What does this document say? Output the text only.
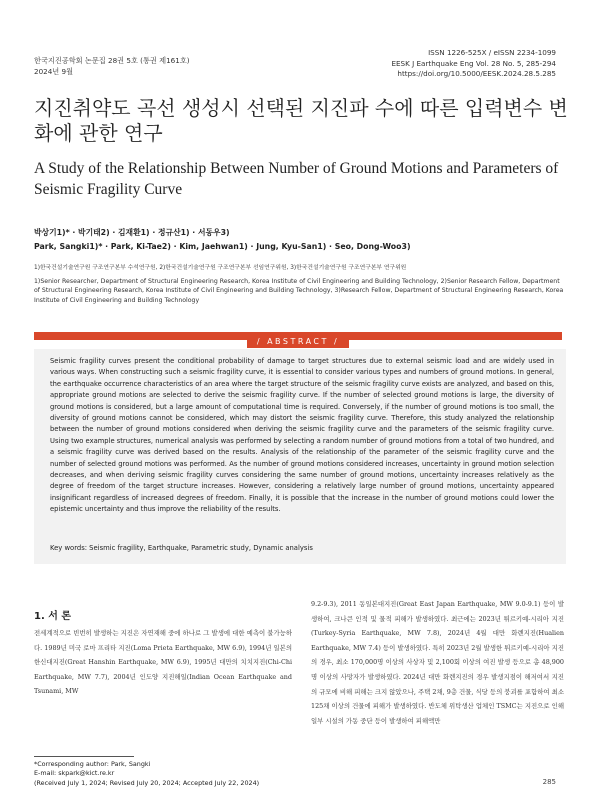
한국지진공학회 논문집 28권 5호 (통권 제161호)
2024년 9월
ISSN 1226-525X / eISSN 2234-1099
EESK J Earthquake Eng Vol. 28 No. 5, 285-294
https://doi.org/10.5000/EESK.2024.28.5.285
지진취약도 곡선 생성시 선택된 지진파 수에 따른 입력변수 변화에 관한 연구
A Study of the Relationship Between Number of Ground Motions and Parameters of Seismic Fragility Curve
박상기1)* · 박기태2) · 김재환1) · 정규산1) · 서동우3)
Park, Sangki1)* · Park, Ki-Tae2) · Kim, Jaehwan1) · Jung, Kyu-San1) · Seo, Dong-Woo3)
1)한국건설기술연구원 구조연구본부 수석연구원, 2)한국건설기술연구원 구조연구본부 선임연구위원, 3)한국건설기술연구원 구조연구본부 연구위원
1)Senior Researcher, Department of Structural Engineering Research, Korea Institute of Civil Engineering and Building Technology, 2)Senior Research Fellow, Department of Structural Engineering Research, Korea Institute of Civil Engineering and Building Technology, 3)Research Fellow, Department of Structural Engineering Research, Korea Institute of Civil Engineering and Building Technology
/ ABSTRACT /

Seismic fragility curves present the conditional probability of damage to target structures due to external seismic load and are widely used in various ways. When constructing such a seismic fragility curve, it is essential to consider various types and numbers of ground motions. In general, the earthquake occurrence characteristics of an area where the target structure of the seismic fragility curve exists are analyzed, and based on this, appropriate ground motions are selected to derive the seismic fragility curve. If the number of selected ground motions is large, the diversity of ground motions is considered, but a large amount of computational time is required. Conversely, if the number of ground motions is too small, the diversity of ground motions cannot be considered, which may distort the seismic fragility curve. Therefore, this study analyzed the relationship between the number of ground motions considered when deriving the seismic fragility curve and the parameters of the seismic fragility curve. Using two example structures, numerical analysis was performed by selecting a random number of ground motions from a total of two hundred, and a seismic fragility curve was derived based on the results. Analysis of the relationship of the parameter of the seismic fragility curve and the number of selected ground motions was performed. As the number of ground motions considered increases, uncertainty in ground motion selection decreases, and when deriving seismic fragility curves considering the same number of ground motions, uncertainty increases relatively as the degree of freedom of the target structure increases. However, considering a relatively large number of ground motions, uncertainty appeared insignificant regardless of increased degrees of freedom. Finally, it is possible that the increase in the number of ground motions could lower the epistemic uncertainty and thus improve the reliability of the results.

Key words: Seismic fragility, Earthquake, Parametric study, Dynamic analysis
1. 서 론

전세계적으로 빈번히 발생하는 지진은 자연재해 중에 하나로 그 발생에 대한 예측이 불가능하다. 1989년 미국 로마 프리타 지진(Loma Prieta Earthquake, MW 6.9), 1994년 일본의 한신대지진(Great Hanshin Earthquake, MW 6.9), 1995년 대만의 치치지진(Chi-Chi Earthquake, MW 7.7), 2004년 인도양 지진해일(Indian Ocean Earthquake and Tsunami, MW

9.2-9.3), 2011 동일본대지진(Great East Japan Earthquake, MW 9.0-9.1) 등이 발생하여, 크나큰 인적 및 물적 피해가 발생하였다. 최근에는 2023년 튀르키예-시리아 지진(Turkey-Syria Earthquake, MW 7.8), 2024년 4월 대만 화롄지진(Hualien Earthquake, MW 7.4) 등이 발생하였다. 특히 2023년 2월 발생한 튀르키예-시리아 지진의 경우, 최소 170,000명 이상의 사상자 및 2,100회 이상의 여진 발생 등으로 총 48,900명 이상의 사망자가 발생하였다. 2024년 대만 화롄지진의 경우 발생지점이 해저여서 지진의 규모에 비해 피해는 크지 않았으나, 주택 2채, 9층 건물, 식당 등의 붕괴를 포함하여 최소 125채 이상의 건물에 피해가 발생하였다. 반도체 위탁생산 업체인 TSMC는 지진으로 인해 일부 시설의 가동 중단 등이 발생하여 피해액만

*Corresponding author: Park, Sangki
E-mail: skpark@kict.re.kr
(Received July 1, 2024; Revised July 20, 2024; Accepted July 22, 2024)	285
